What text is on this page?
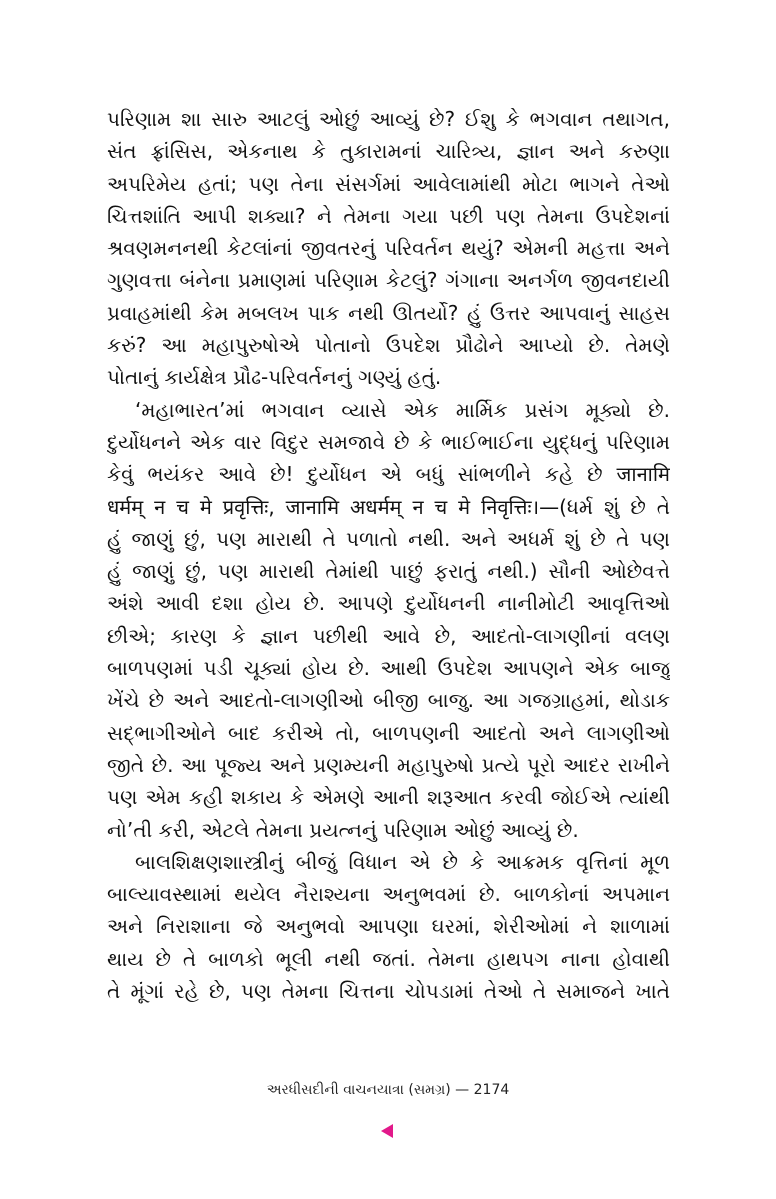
પરિણામ શા સારુ આટલું ઓછું આવ્યું છે? ઈશુ કે ભગવાન તથાગત,
સંત ફ્રાંસિસ, એકનાથ કે તુકારામનાં ચારિત્ર્ય, જ્ઞાન અને કરુણા
અપરિમેય હતાં; પણ તેના સંસર્ગમાં આવેલામાંથી મોટા ભાગને તેઓ
ચિત્તશાંતિ આપી શક્યા? ને તેમના ગયા પછી પણ તેમના ઉપદેશનાં
શ્રવણમનનથી કેટલાંનાં જીવતરનું પરિવર્તન થયું? એમની મહત્તા અને
ગુણવત્તા બંનેના પ્રમાણમાં પરિણામ કેટલું? ગંગાના અનર્ગળ જીવનદાયી
પ્રવાહમાંથી કેમ મબલખ પાક નથી ઊતર્યો? હું ઉત્તર આપવાનું સાહસ
કરું? આ મહાપુરુષોએ પોતાનો ઉપદેશ પ્રૌઢોને આપ્યો છે. તેમણે
પોતાનું કાર્યક્ષેત્ર પ્રૌઢ-પરિવર્તનનું ગણ્યું હતું.

‘મહાભારત’માં ભગવાન વ્યાસે એક માર્મિક પ્રસંગ મૂક્યો છે.
દુર્યોધનને એક વાર વિદુર સમજાવે છે કે ભાઈભાઈના યુદ્ધનું પરિણામ
કેવું ભયંકર આવે છે! દુર્યોધન એ બધું સાંભળીને કહે છે जानामि
धर्मम् न च मे प्रवृत्तिः, जानामि अधर्मम् न च मे निवृत्तिः।—(ધર્મ શું છે તે
હું જાણું છું, પણ મારાથી તે પળાતો નથી. અને અધર્મ શું છે તે પણ
હું જાણું છું, પણ મારાથી તેમાંથી પાછું ફરાતું નથી.) સૌની ઓછેવત્તે
અંશે આવી દશા હોય છે. આપણે દુર્યોધનની નાનીમોટી આવૃત્તિઓ
છીએ; કારણ કે જ્ઞાન પછીથી આવે છે, આદતો-લાગણીનાં વલણ
બાળપણમાં પડી ચૂક્યાં હોય છે. આથી ઉપદેશ આપણને એક બાજુ
ખેંચે છે અને આદતો-લાગણીઓ બીજી બાજુ. આ ગજગ્રાહમાં, થોડાક
સદ્ભાગીઓને બાદ કરીએ તો, બાળપણની આદતો અને લાગણીઓ
જીતે છે. આ પૂજ્ય અને પ્રણમ્યની મહાપુરુષો પ્રત્યે પૂરો આદર રાખીને
પણ એમ કહી શકાય કે એમણે આની શરૂઆત કરવી જોઈએ ત્યાંથી
નો’તી કરી, એટલે તેમના પ્રયત્નનું પરિણામ ઓછું આવ્યું છે.

બાલશિક્ષણશાસ્ત્રીનું બીજું વિધાન એ છે કે આક્રમક વૃત્તિનાં મૂળ
બાલ્યાવસ્થામાં થયેલ નૈરાશ્યના અનુભવમાં છે. બાળકોનાં અપમાન
અને નિરાશાના જે અનુભવો આપણા ઘરમાં, શેરીઓમાં ને શાળામાં
થાય છે તે બાળકો ભૂલી નથી જતાં. તેમના હાથપગ નાના હોવાથી
તે મૂંગાં રહે છે, પણ તેમના ચિત્તના ચોપડામાં તેઓ તે સમાજને ખાતે

અરધીસદીની વાચનયાત્રા (સમગ્ર) — 2174
